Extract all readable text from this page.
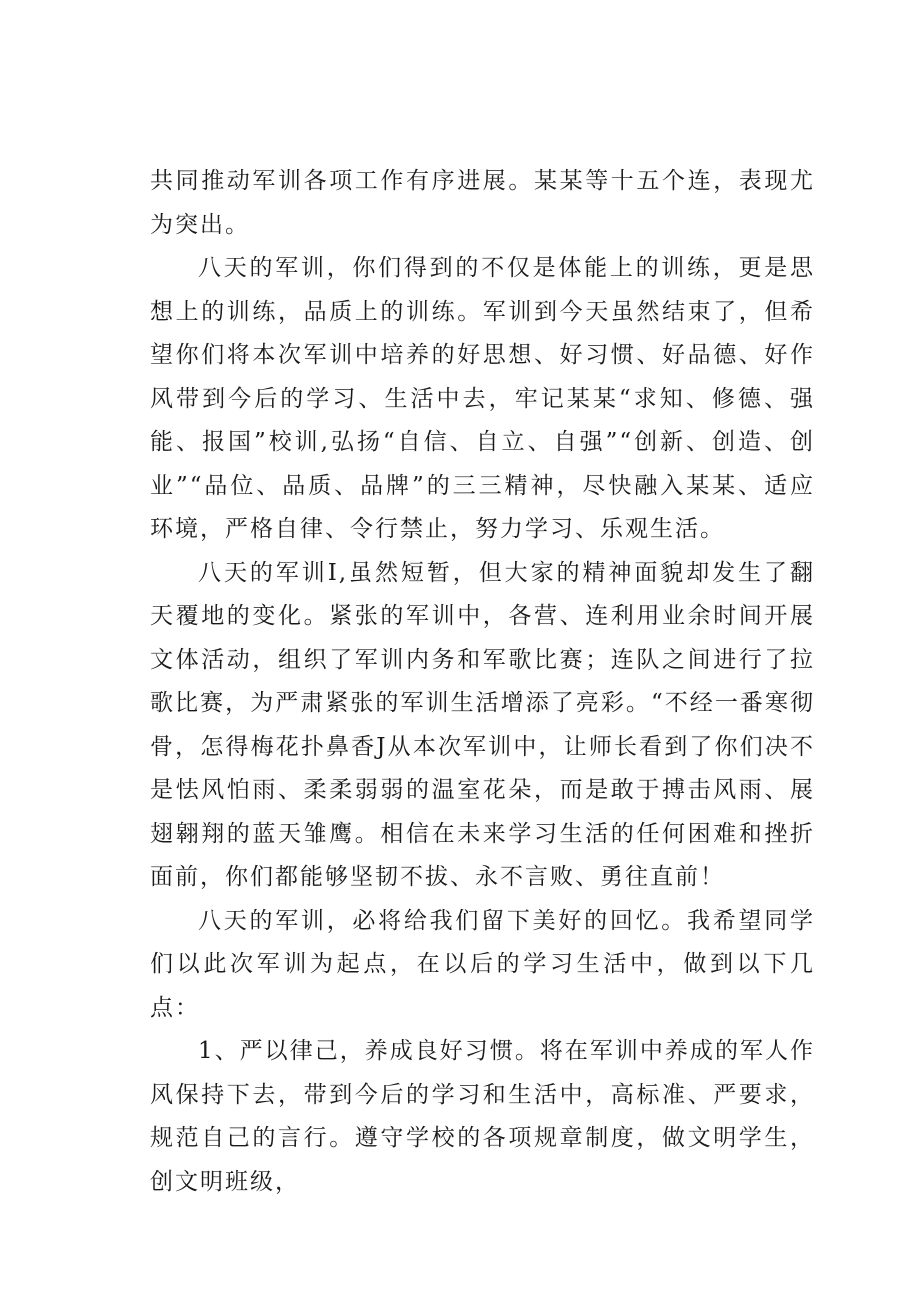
共同推动军训各项工作有序进展。某某等十五个连，表现尤为突出。

八天的军训，你们得到的不仅是体能上的训练，更是思想上的训练，品质上的训练。军训到今天虽然结束了，但希望你们将本次军训中培养的好思想、好习惯、好品德、好作风带到今后的学习、生活中去，牢记某某“求知、修德、强能、报国”校训,弘扬“自信、自立、自强”“创新、创造、创业”“品位、品质、品牌”的三三精神，尽快融入某某、适应环境，严格自律、令行禁止，努力学习、乐观生活。

八天的军训I,虽然短暂，但大家的精神面貌却发生了翻天覆地的变化。紧张的军训中，各营、连利用业余时间开展文体活动，组织了军训内务和军歌比赛；连队之间进行了拉歌比赛，为严肃紧张的军训生活增添了亮彩。“不经一番寒彻骨，怎得梅花扑鼻香J从本次军训中，让师长看到了你们决不是怯风怕雨、柔柔弱弱的温室花朵，而是敢于搏击风雨、展翅翱翔的蓝天雏鹰。相信在未来学习生活的任何困难和挫折面前，你们都能够坚韧不拔、永不言败、勇往直前！

八天的军训，必将给我们留下美好的回忆。我希望同学们以此次军训为起点，在以后的学习生活中，做到以下几点：

1、严以律己，养成良好习惯。将在军训中养成的军人作风保持下去，带到今后的学习和生活中，高标准、严要求，规范自己的言行。遵守学校的各项规章制度，做文明学生，创文明班级，
